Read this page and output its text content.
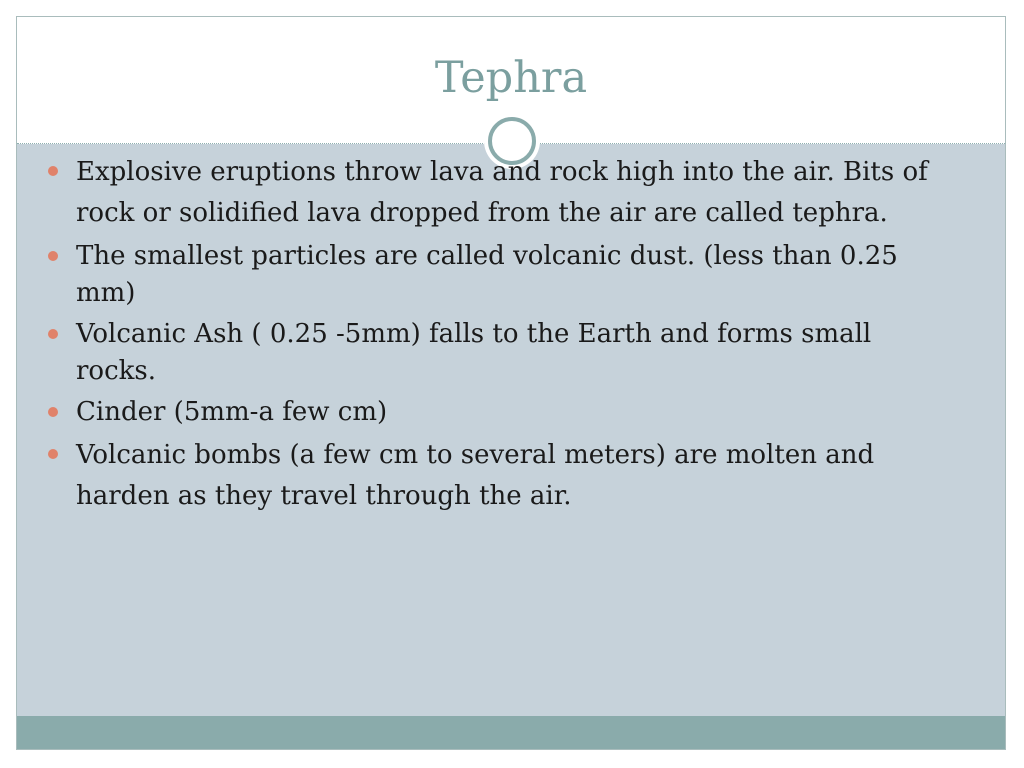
Tephra
Explosive eruptions throw lava and rock high into the air. Bits of rock or solidified lava dropped from the air are called tephra.
The smallest particles are called volcanic dust. (less than 0.25 mm)
Volcanic Ash ( 0.25 -5mm) falls to the Earth and forms small rocks.
Cinder (5mm-a few cm)
Volcanic bombs (a few cm to several meters) are molten and harden as they travel through the air.
